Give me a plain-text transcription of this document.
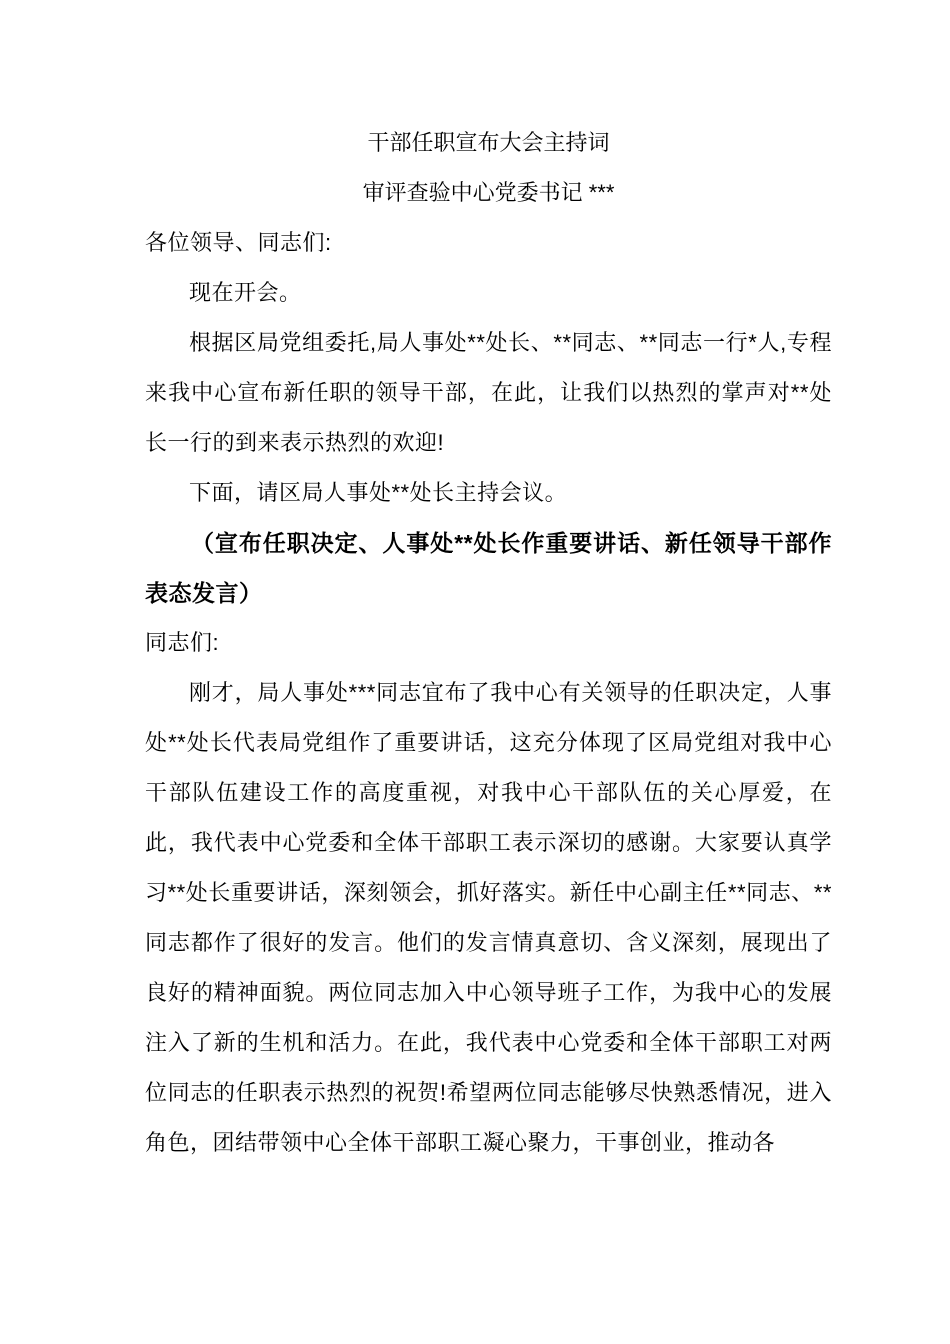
干部任职宣布大会主持词
审评查验中心党委书记 ***

各位领导、同志们:

现在开会。

根据区局党组委托,局人事处**处长、**同志、**同志一行*人,专程来我中心宣布新任职的领导干部，在此，让我们以热烈的掌声对**处长一行的到来表示热烈的欢迎!

下面，请区局人事处**处长主持会议。

（宣布任职决定、人事处**处长作重要讲话、新任领导干部作表态发言）

同志们:

刚才，局人事处***同志宜布了我中心有关领导的任职决定，人事处**处长代表局党组作了重要讲话，这充分体现了区局党组对我中心干部队伍建设工作的高度重视，对我中心干部队伍的关心厚爱，在此，我代表中心党委和全体干部职工表示深切的感谢。大家要认真学习**处长重要讲话，深刻领会，抓好落实。新任中心副主任**同志、**同志都作了很好的发言。他们的发言情真意切、含义深刻，展现出了良好的精神面貌。两位同志加入中心领导班子工作，为我中心的发展注入了新的生机和活力。在此，我代表中心党委和全体干部职工对两位同志的任职表示热烈的祝贺!希望两位同志能够尽快熟悉情况，进入角色，团结带领中心全体干部职工凝心聚力，干事创业，推动各
